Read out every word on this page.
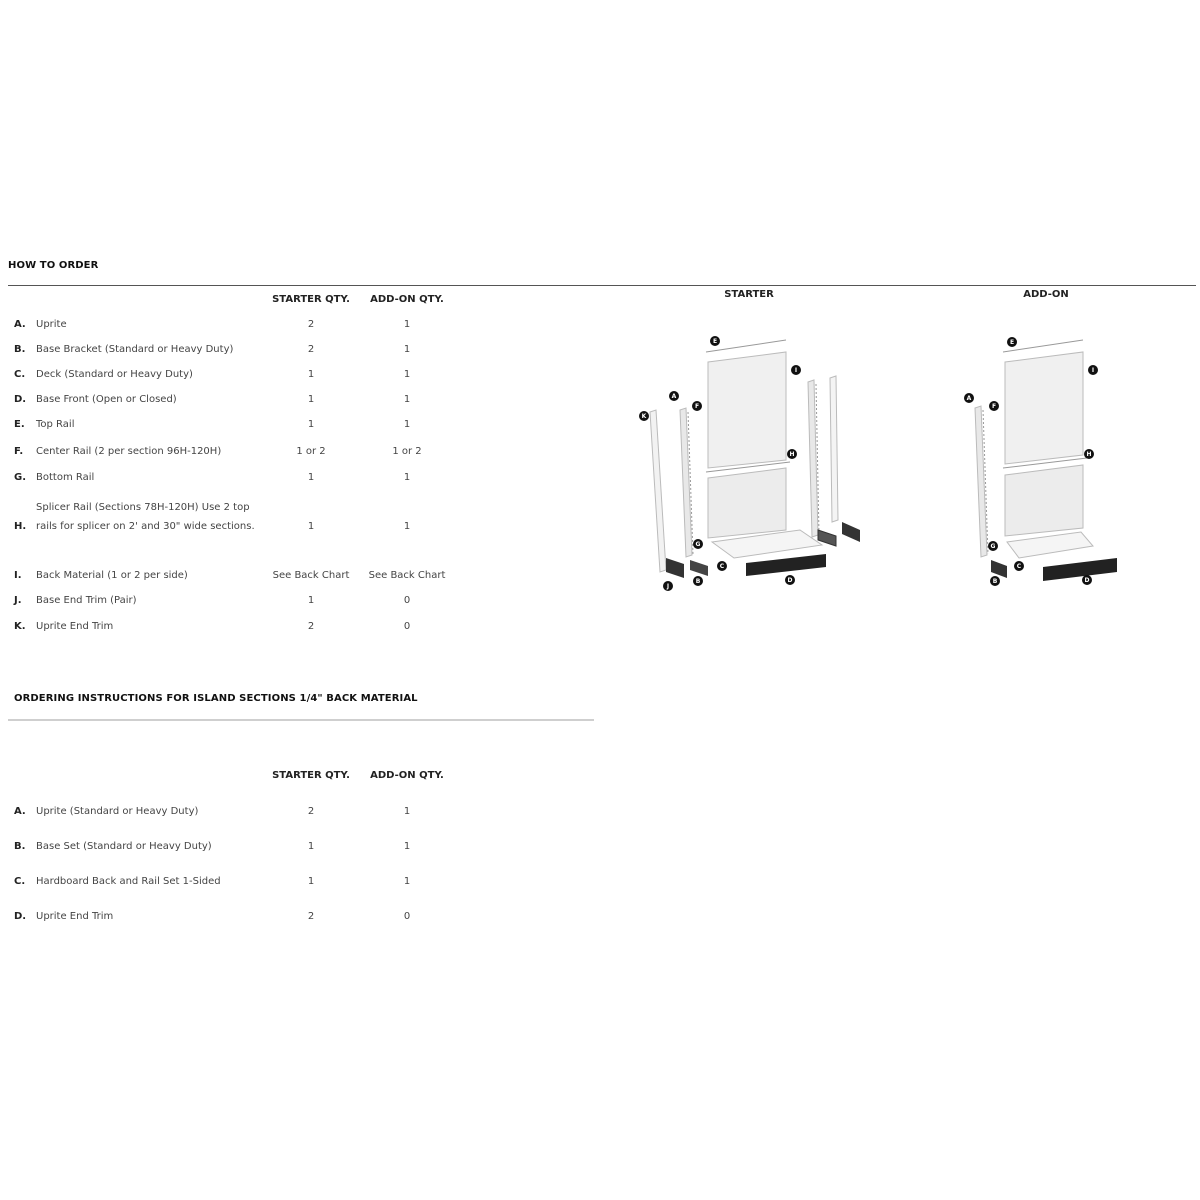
HOW TO ORDER
STARTER QTY.	ADD-ON QTY.
A. Uprite	2	1
B. Base Bracket (Standard or Heavy Duty)	2	1
C. Deck (Standard or Heavy Duty)	1	1
D. Base Front (Open or Closed)	1	1
E. Top Rail	1	1
F. Center Rail (2 per section 96H-120H)	1 or 2	1 or 2
G. Bottom Rail	1	1
H.
Splicer Rail (Sections 78H-120H) Use 2 top rails for splicer on 2' and 30" wide sections.	1	1
I. Back Material (1 or 2 per side)	See Back Chart	See Back Chart
J. Base End Trim (Pair)	1	0
K. Uprite End Trim	2	0
ORDERING INSTRUCTIONS FOR ISLAND SECTIONS 1/4" BACK MATERIAL
STARTER QTY.	ADD-ON QTY.
A. Uprite (Standard or Heavy Duty)	2	1
B. Base Set (Standard or Heavy Duty)	1	1
C. Hardboard Back and Rail Set 1-Sided	1	1
D. Uprite End Trim	2	0
STARTER	ADD-ON
E
I
A
F
K
H
G
C
D
J
B
E
I
A
F
H
G
C
B	D
